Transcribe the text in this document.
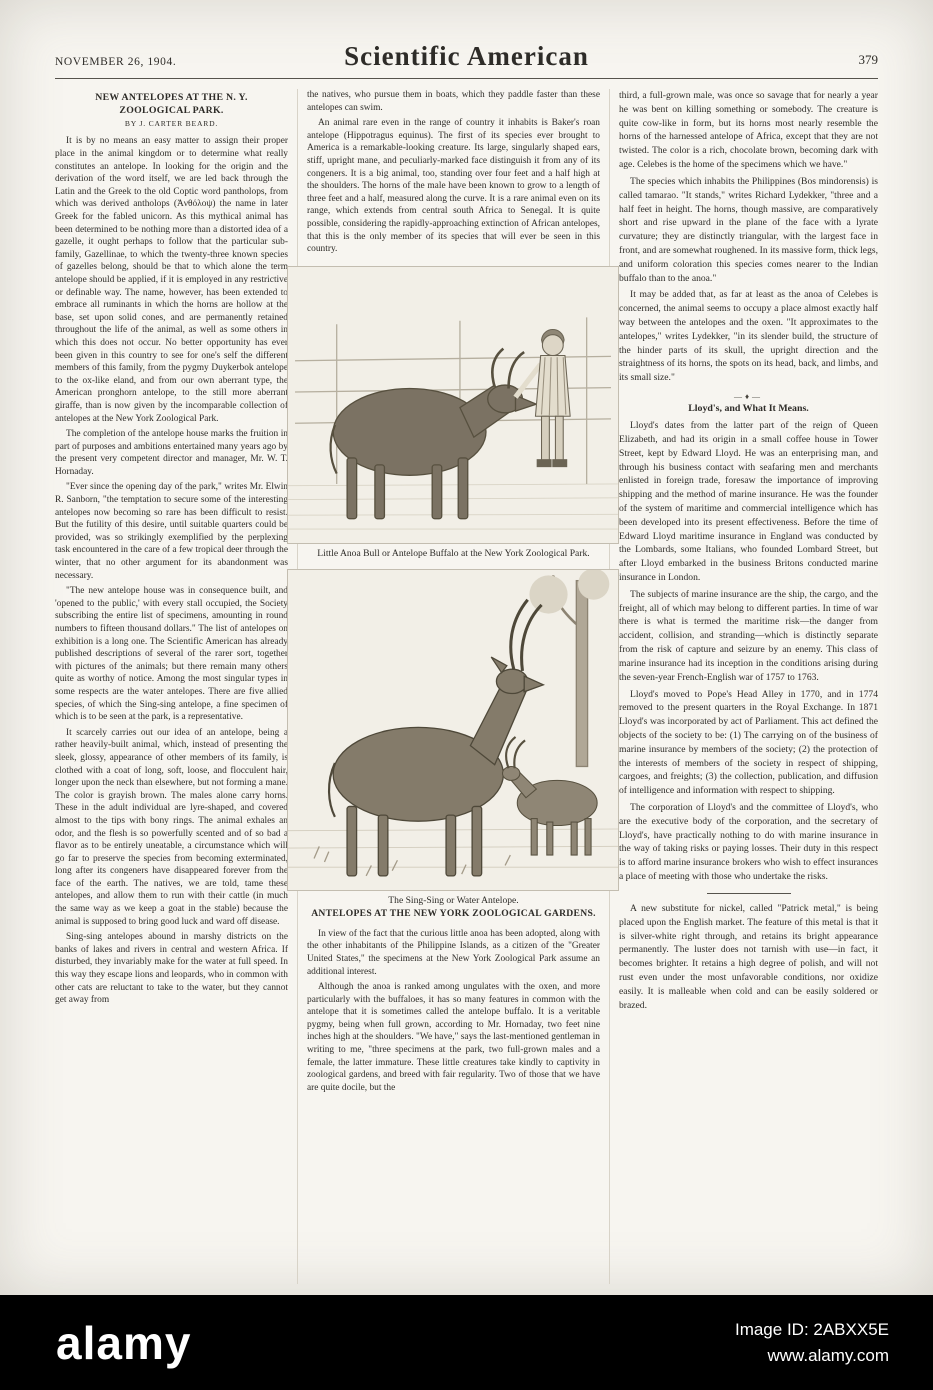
NOVEMBER 26, 1904.	Scientific American	379
NEW ANTELOPES AT THE N. Y. ZOOLOGICAL PARK.
BY J. CARTER BEARD.

It is by no means an easy matter to assign their proper place in the animal kingdom or to determine what really constitutes an antelope. In looking for the origin and the derivation of the word itself, we are led back through the Latin and the Greek to the old Coptic word pantholops, from which was derived antholops (Ἀνθόλοψ) the name in later Greek for the fabled unicorn. As this mythical animal has been determined to be nothing more than a distorted idea of a gazelle, it ought perhaps to follow that the particular sub-family, Gazellinae, to which the twenty-three known species of gazelles belong, should be that to which alone the term antelope should be applied, if it is employed in any restrictive or definable way. The name, however, has been extended to embrace all ruminants in which the horns are hollow at the base, set upon solid cones, and are permanently retained throughout the life of the animal, as well as some others in which this does not occur. No better opportunity has ever been given in this country to see for one's self the different members of this family, from the pygmy Duykerbok antelope to the ox-like eland, and from our own aberrant type, the American pronghorn antelope, to the still more aberrant giraffe, than is now given by the incomparable collection of antelopes at the New York Zoological Park.

The completion of the antelope house marks the fruition in part of purposes and ambitions entertained many years ago by the present very competent director and manager, Mr. W. T. Hornaday.

"Ever since the opening day of the park," writes Mr. Elwin R. Sanborn, "the temptation to secure some of the interesting antelopes now becoming so rare has been difficult to resist. But the futility of this desire, until suitable quarters could be provided, was so strikingly exemplified by the perplexing task encountered in the care of a few tropical deer through the winter, that no other argument for its abandonment was necessary.

"The new antelope house was in consequence built, and 'opened to the public,' with every stall occupied, the Society subscribing the entire list of specimens, amounting in round numbers to fifteen thousand dollars." The list of antelopes on exhibition is a long one. The Scientific American has already published descriptions of several of the rarer sort, together with pictures of the animals; but there remain many others quite as worthy of notice. Among the most singular types in some respects are the water antelopes. There are five allied species, of which the Sing-sing antelope, a fine specimen of which is to be seen at the park, is a representative.

It scarcely carries out our idea of an antelope, being a rather heavily-built animal, which, instead of presenting the sleek, glossy, appearance of other members of its family, is clothed with a coat of long, soft, loose, and flocculent hair, longer upon the neck than elsewhere, but not forming a mane. The color is grayish brown. The males alone carry horns. These in the adult individual are lyre-shaped, and covered almost to the tips with bony rings. The animal exhales an odor, and the flesh is so powerfully scented and of so bad a flavor as to be entirely uneatable, a circumstance which will go far to preserve the species from becoming exterminated, long after its congeners have disappeared forever from the face of the earth. The natives, we are told, tame these antelopes, and allow them to run with their cattle (in much the same way as we keep a goat in the stable) because the animal is supposed to bring good luck and ward off disease.

Sing-sing antelopes abound in marshy districts on the banks of lakes and rivers in central and western Africa. If disturbed, they invariably make for the water at full speed. In this way they escape lions and leopards, who in common with other cats are reluctant to take to the water, but they cannot get away from

the natives, who pursue them in boats, which they paddle faster than these antelopes can swim.

An animal rare even in the range of country it inhabits is Baker's roan antelope (Hippotragus equinus). The first of its species ever brought to America is a remarkable-looking creature. Its large, singularly shaped ears, stiff, upright mane, and peculiarly-marked face distinguish it from any of its congeners. It is a big animal, too, standing over four feet and a half high at the shoulders. The horns of the male have been known to grow to a length of three feet and a half, measured along the curve. It is a rare animal even on its range, which extends from central south Africa to Senegal. It is quite possible, considering the rapidly-approaching extinction of African antelopes, that this is the only member of its species that will ever be seen in this country.

Little Anoa Bull or Antelope Buffalo at the New York Zoological Park.
The Sing-Sing or Water Antelope.
ANTELOPES AT THE NEW YORK ZOOLOGICAL GARDENS.

In view of the fact that the curious little anoa has been adopted, along with the other inhabitants of the Philippine Islands, as a citizen of the "Greater United States," the specimens at the New York Zoological Park assume an additional interest.

Although the anoa is ranked among ungulates with the oxen, and more particularly with the buffaloes, it has so many features in common with the antelope that it is sometimes called the antelope buffalo. It is a veritable pygmy, being when full grown, according to Mr. Hornaday, two feet nine inches high at the shoulders. "We have," says the last-mentioned gentleman in writing to me, "three specimens at the park, two full-grown males and a female, the latter immature. These little creatures take kindly to captivity in zoological gardens, and breed with fair regularity. Two of those that we have are quite docile, but the

third, a full-grown male, was once so savage that for nearly a year he was bent on killing something or somebody. The creature is quite cow-like in form, but its horns most nearly resemble the horns of the harnessed antelope of Africa, except that they are not twisted. The color is a rich, chocolate brown, becoming dark with age. Celebes is the home of the specimens which we have."

The species which inhabits the Philippines (Bos mindorensis) is called tamarao. "It stands," writes Richard Lydekker, "three and a half feet in height. The horns, though massive, are comparatively short and rise upward in the plane of the face with a lyrate curvature; they are distinctly triangular, with the largest face in front, and are somewhat roughened. In its massive form, thick legs, and uniform coloration this species comes nearer to the Indian buffalo than to the anoa."

It may be added that, as far at least as the anoa of Celebes is concerned, the animal seems to occupy a place almost exactly half way between the antelopes and the oxen. "It approximates to the antelopes," writes Lydekker, "in its slender build, the structure of the hinder parts of its skull, the upright direction and the straightness of its horns, the spots on its head, back, and limbs, and its small size."

—♦—
Lloyd's, and What It Means.

Lloyd's dates from the latter part of the reign of Queen Elizabeth, and had its origin in a small coffee house in Tower Street, kept by Edward Lloyd. He was an enterprising man, and through his business contact with seafaring men and merchants enlisted in foreign trade, foresaw the importance of improving shipping and the method of marine insurance. He was the founder of the system of maritime and commercial intelligence which has been developed into its present effectiveness. Before the time of Edward Lloyd maritime insurance in England was conducted by the Lombards, some Italians, who founded Lombard Street, but after Lloyd embarked in the business Britons conducted marine insurance in London.

The subjects of marine insurance are the ship, the cargo, and the freight, all of which may belong to different parties. In time of war there is what is termed the maritime risk—the danger from accident, collision, and stranding—which is distinctly separate from the risk of capture and seizure by an enemy. This class of marine insurance had its inception in the conditions arising during the seven-year French-English war of 1757 to 1763.

Lloyd's moved to Pope's Head Alley in 1770, and in 1774 removed to the present quarters in the Royal Exchange. In 1871 Lloyd's was incorporated by act of Parliament. This act defined the objects of the society to be: (1) The carrying on of the business of marine insurance by members of the society; (2) the protection of the interests of members of the society in respect of shipping, cargoes, and freights; (3) the collection, publication, and diffusion of intelligence and information with respect to shipping.

The corporation of Lloyd's and the committee of Lloyd's, who are the executive body of the corporation, and the secretary of Lloyd's, have practically nothing to do with marine insurance in the way of taking risks or paying losses. Their duty in this respect is to afford marine insurance brokers who wish to effect insurances a place of meeting with those who undertake the risks.

A new substitute for nickel, called "Patrick metal," is being placed upon the English market. The feature of this metal is that it is silver-white right through, and retains its bright appearance permanently. The luster does not tarnish with use—in fact, it becomes brighter. It retains a high degree of polish, and will not rust even under the most unfavorable conditions, nor oxidize easily. It is malleable when cold and can be easily soldered or brazed.

alamy	Image ID: 2ABXX5E
www.alamy.com
